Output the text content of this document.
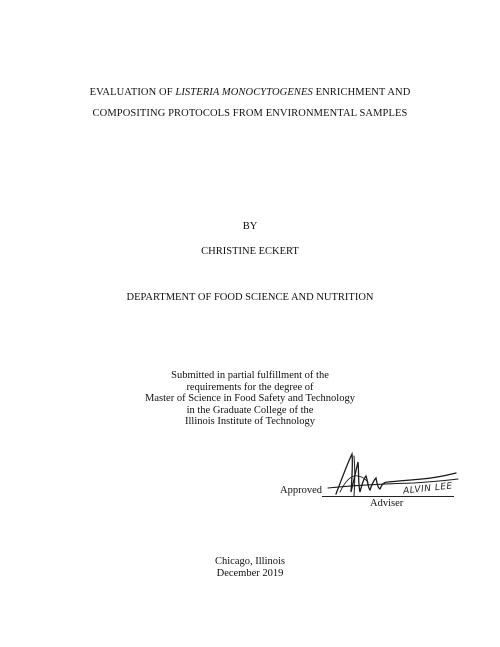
EVALUATION OF LISTERIA MONOCYTOGENES ENRICHMENT AND
COMPOSITING PROTOCOLS FROM ENVIRONMENTAL SAMPLES
BY
CHRISTINE ECKERT
DEPARTMENT OF FOOD SCIENCE AND NUTRITION
Submitted in partial fulfillment of the
requirements for the degree of
Master of Science in Food Safety and Technology
in the Graduate College of the
Illinois Institute of Technology
Approved	ALVIN LEE
Adviser
Chicago, Illinois
December 2019
